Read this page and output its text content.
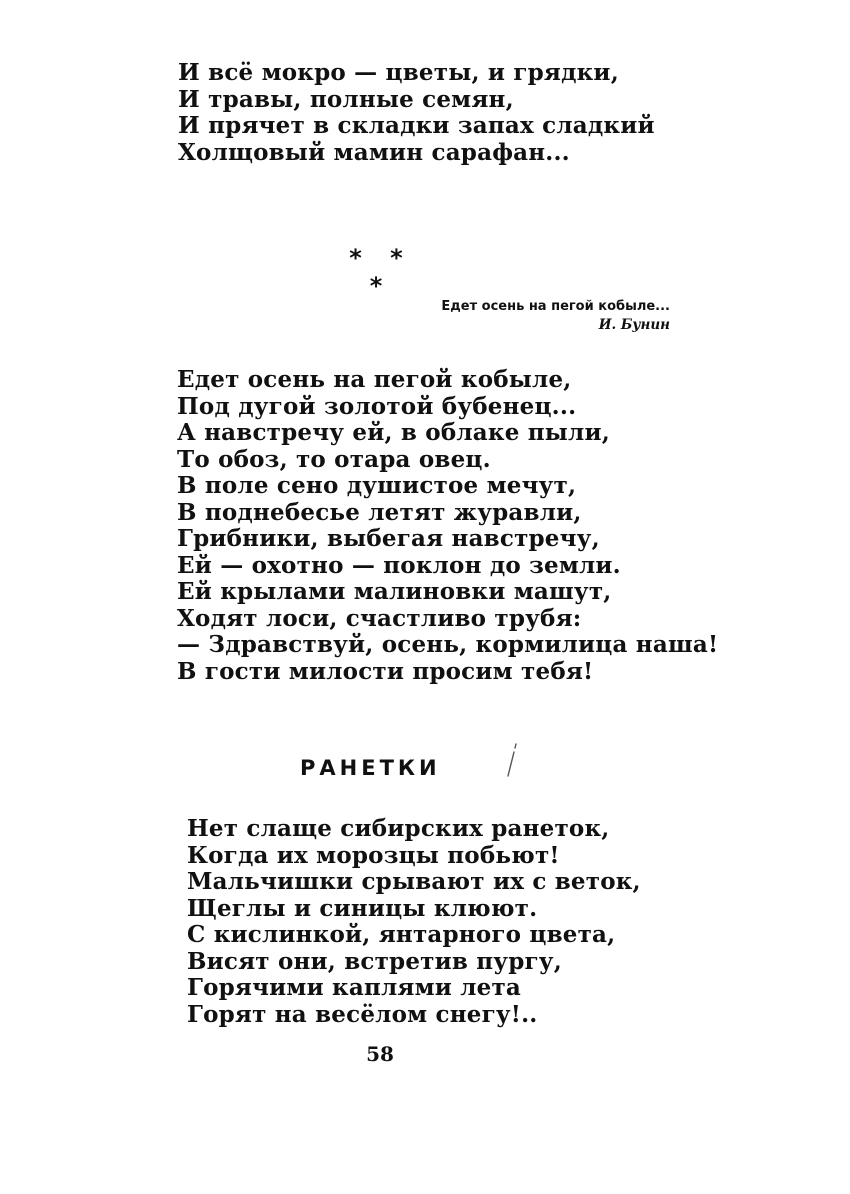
И всё мокро — цветы, и грядки,
И травы, полные семян,
И прячет в складки запах сладкий
Холщовый мамин сарафан...
* * *
Едет осень на пегой кобыле...
И. Бунин
Едет осень на пегой кобыле,
Под дугой золотой бубенец...
А навстречу ей, в облаке пыли,
То обоз, то отара овец.
В поле сено душистое мечут,
В поднебесье летят журавли,
Грибники, выбегая навстречу,
Ей — охотно — поклон до земли.
Ей крылами малиновки машут,
Ходят лоси, счастливо трубя:
— Здравствуй, осень, кормилица наша!
В гости милости просим тебя!
РАНЕТКИ
Нет слаще сибирских ранеток,
Когда их морозцы побьют!
Мальчишки срывают их с веток,
Щеглы и синицы клюют.
С кислинкой, янтарного цвета,
Висят они, встретив пургу,
Горячими каплями лета
Горят на весёлом снегу!..
58
